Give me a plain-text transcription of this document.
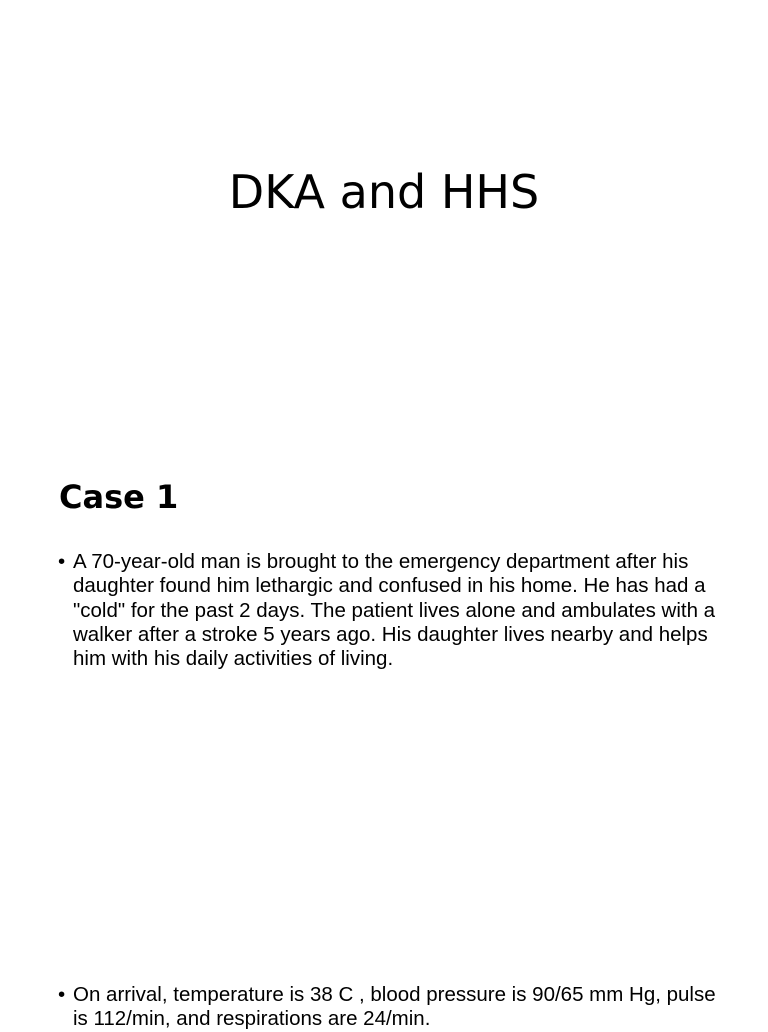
DKA and HHS
Case 1
• A 70-year-old man is brought to the emergency department after his daughter found him lethargic and confused in his home. He has had a "cold" for the past 2 days. The patient lives alone and ambulates with a walker after a stroke 5 years ago. His daughter lives nearby and helps him with his daily activities of living.
• On arrival, temperature is 38 C , blood pressure is 90/65 mm Hg, pulse is 112/min, and respirations are 24/min.
